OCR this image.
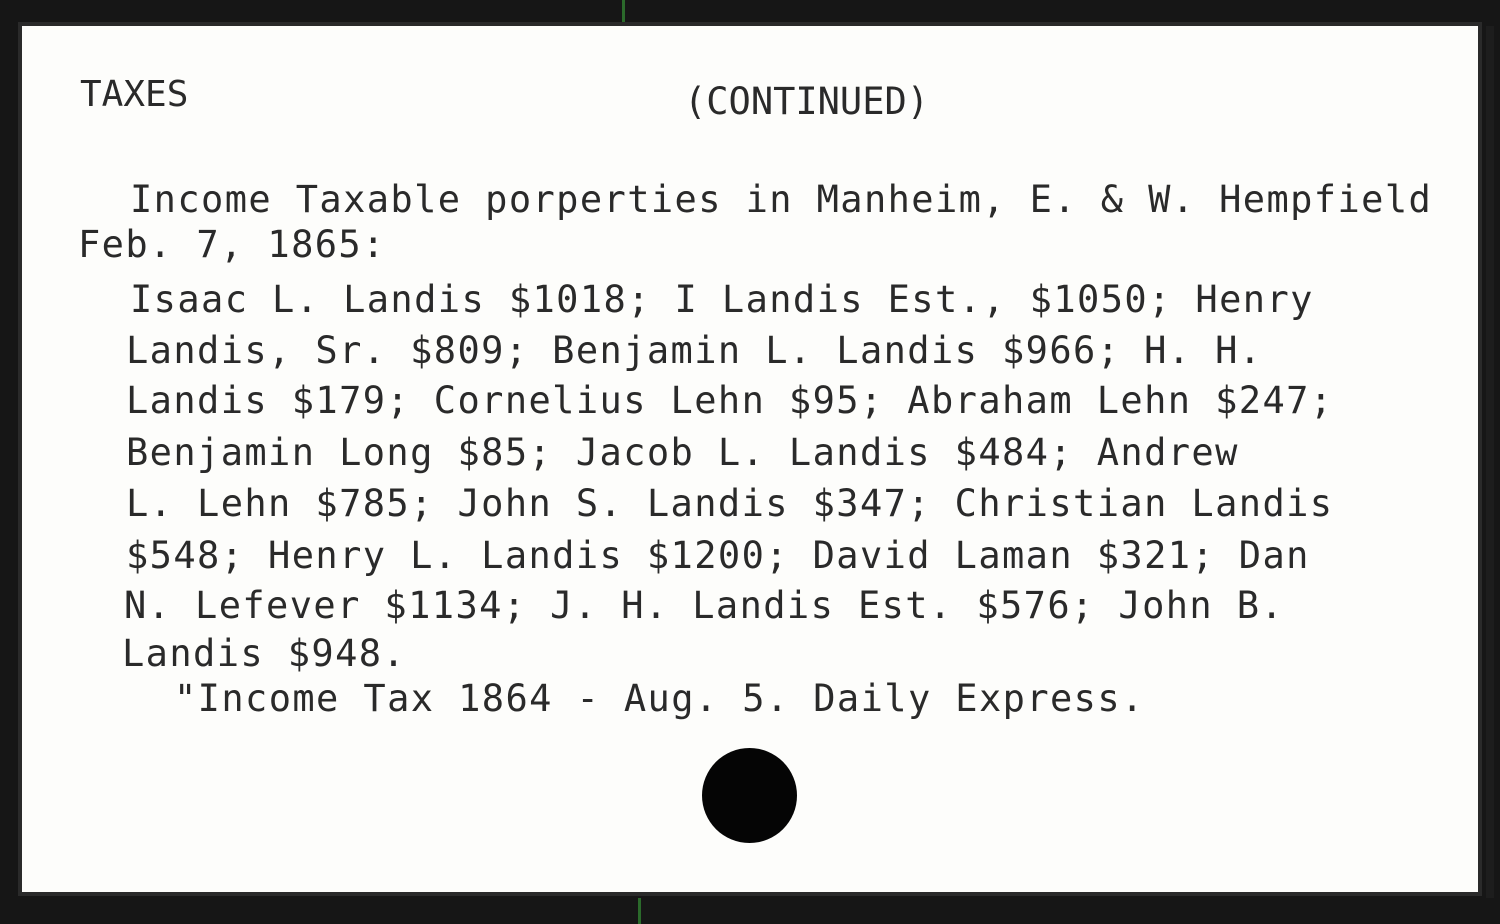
TAXES	(CONTINUED)
Income Taxable porperties in Manheim, E. & W. Hempfield
Feb. 7, 1865:
Isaac L. Landis $1018; I Landis Est., $1050; Henry
Landis, Sr. $809; Benjamin L. Landis $966; H. H.
Landis $179; Cornelius Lehn $95; Abraham Lehn $247;
Benjamin Long $85; Jacob L. Landis $484; Andrew
L. Lehn $785; John S. Landis $347; Christian Landis
$548; Henry L. Landis $1200; David Laman $321; Dan
N. Lefever $1134; J. H. Landis Est. $576; John B.
Landis $948.
"Income Tax 1864 - Aug. 5. Daily Express.
